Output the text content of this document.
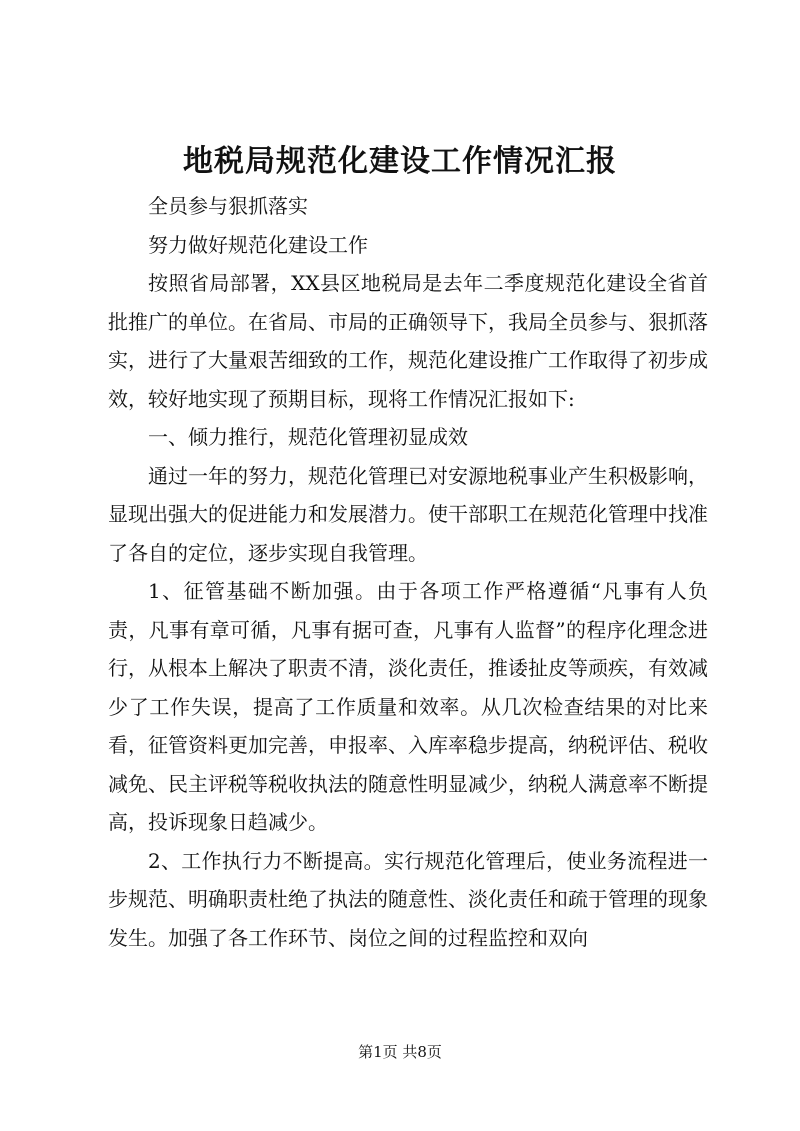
地税局规范化建设工作情况汇报

全员参与狠抓落实

努力做好规范化建设工作

按照省局部署，XX县区地税局是去年二季度规范化建设全省首批推广的单位。在省局、市局的正确领导下，我局全员参与、狠抓落实，进行了大量艰苦细致的工作，规范化建设推广工作取得了初步成效，较好地实现了预期目标，现将工作情况汇报如下:

一、倾力推行，规范化管理初显成效

通过一年的努力，规范化管理已对安源地税事业产生积极影响，显现出强大的促进能力和发展潜力。使干部职工在规范化管理中找准了各自的定位，逐步实现自我管理。

1、征管基础不断加强。由于各项工作严格遵循“凡事有人负责，凡事有章可循，凡事有据可查，凡事有人监督”的程序化理念进行，从根本上解决了职责不清，淡化责任，推诿扯皮等顽疾，有效减少了工作失误，提高了工作质量和效率。从几次检查结果的对比来看，征管资料更加完善，申报率、入库率稳步提高，纳税评估、税收减免、民主评税等税收执法的随意性明显减少，纳税人满意率不断提高，投诉现象日趋减少。

2、工作执行力不断提高。实行规范化管理后，使业务流程进一步规范、明确职责杜绝了执法的随意性、淡化责任和疏于管理的现象发生。加强了各工作环节、岗位之间的过程监控和双向

第1页 共8页
